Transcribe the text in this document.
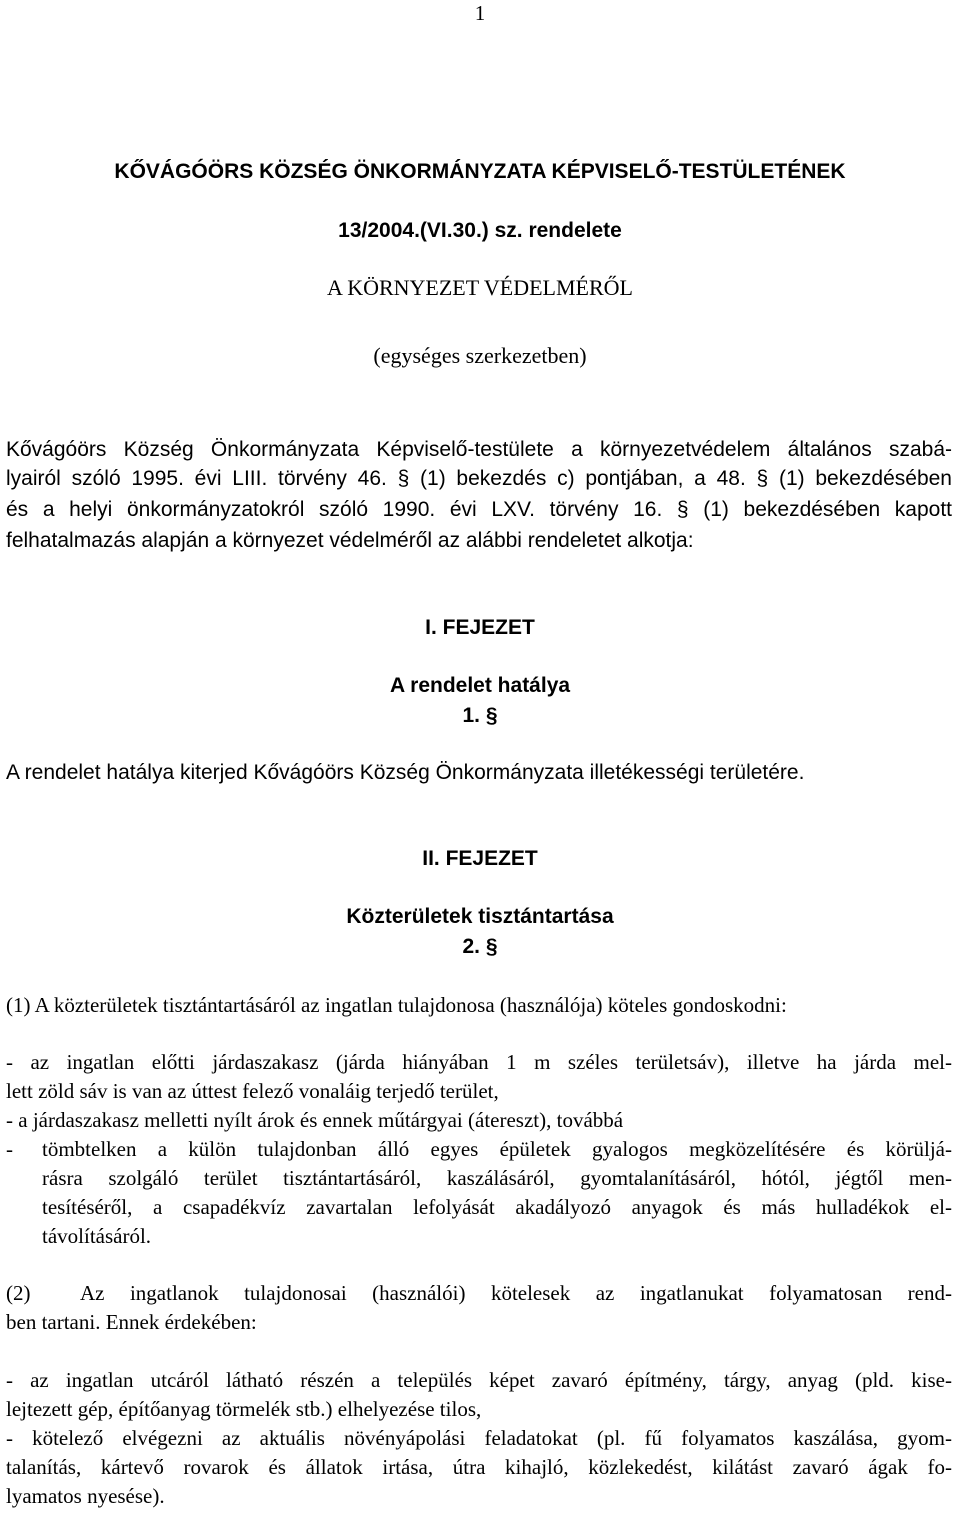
1
KŐVÁGÓÖRS KÖZSÉG ÖNKORMÁNYZATA KÉPVISELŐ-TESTÜLETÉNEK
13/2004.(VI.30.) sz. rendelete
A KÖRNYEZET VÉDELMÉRŐL
(egységes szerkezetben)
Kővágóörs Község Önkormányzata Képviselő-testülete a környezetvédelem általános szabá-
lyairól szóló 1995. évi LIII. törvény 46. § (1) bekezdés c) pontjában, a 48. § (1) bekezdésében
és a helyi önkormányzatokról szóló 1990. évi LXV. törvény 16. § (1) bekezdésében kapott
felhatalmazás alapján a környezet védelméről az alábbi rendeletet alkotja:
I. FEJEZET
A rendelet hatálya
1. §
A rendelet hatálya kiterjed Kővágóörs Község Önkormányzata illetékességi területére.
II. FEJEZET
Közterületek tisztántartása
2. §
(1) A közterületek tisztántartásáról az ingatlan tulajdonosa (használója) köteles gondoskodni:
- az ingatlan előtti járdaszakasz (járda hiányában 1 m széles területsáv), illetve ha járda mel-
lett zöld sáv is van az úttest felező vonaláig terjedő terület,
- a járdaszakasz melletti nyílt árok és ennek műtárgyai (átereszt), továbbá
- tömbtelken a külön tulajdonban álló egyes épületek gyalogos megközelítésére és körüljá-
rásra szolgáló terület tisztántartásáról, kaszálásáról, gyomtalanításáról, hótól, jégtől men-
tesítéséről, a csapadékvíz zavartalan lefolyását akadályozó anyagok és más hulladékok el-
távolításáról.
(2) Az ingatlanok tulajdonosai (használói) kötelesek az ingatlanukat folyamatosan rend-
ben tartani. Ennek érdekében:
- az ingatlan utcáról látható részén a település képet zavaró építmény, tárgy, anyag (pld. kise-
lejtezett gép, építőanyag törmelék stb.) elhelyezése tilos,
- kötelező elvégezni az aktuális növényápolási feladatokat (pl. fű folyamatos kaszálása, gyom-
talanítás, kártevő rovarok és állatok irtása, útra kihajló, közlekedést, kilátást zavaró ágak fo-
lyamatos nyesése).
